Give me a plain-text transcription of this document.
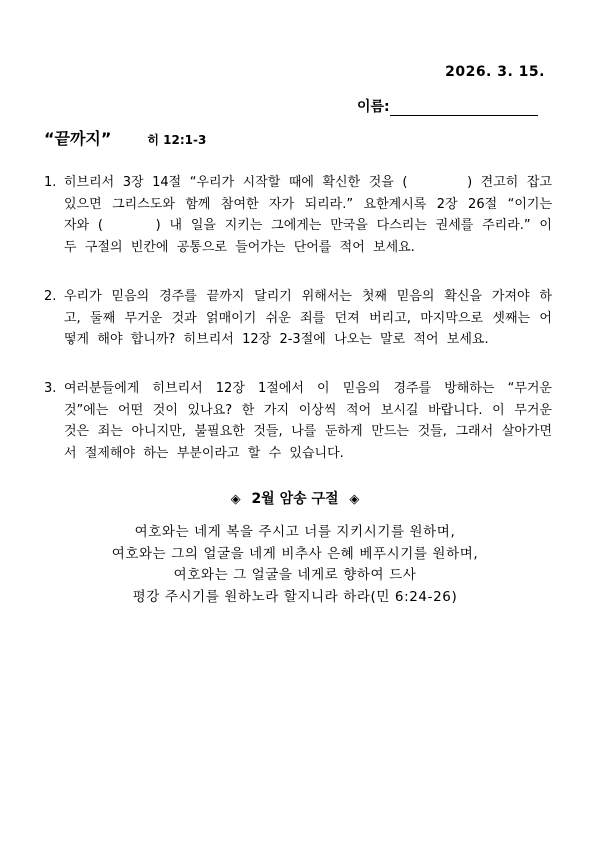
2026. 3. 15.
이름:
“끝까지”	히 12:1-3
1. 히브리서  3장  14절  “우리가  시작할  때에  확신한  것을  (              )  견고히  잡고  있으면  그리스도와  함께  참여한  자가  되리라.”  요한계시록  2장  26절  “이기는  자와  (            )  내  일을  지키는  그에게는  만국을  다스리는  권세를  주리라.”  이  두  구절의  빈칸에  공통으로  들어가는  단어를  적어  보세요.
2. 우리가  믿음의  경주를  끝까지  달리기  위해서는  첫째  믿음의  확신을  가져야  하고,  둘째  무거운  것과  얽매이기  쉬운  죄를  던져  버리고,  마지막으로  셋째는  어떻게  해야  합니까?  히브리서  12장  2-3절에  나오는  말로  적어  보세요.
3. 여러분들에게  히브리서  12장  1절에서  이  믿음의  경주를  방해하는  “무거운  것”에는  어떤  것이  있나요?  한  가지  이상씩  적어  보시길  바랍니다.  이  무거운  것은  죄는  아니지만,  불필요한  것들,  나를  둔하게  만드는  것들,  그래서  살아가면서  절제해야  하는  부분이라고  할  수  있습니다.
◈ 2월 암송 구절 ◈
여호와는 네게 복을 주시고 너를 지키시기를 원하며,
여호와는 그의 얼굴을 네게 비추사 은혜 베푸시기를 원하며,
여호와는 그 얼굴을 네게로 향하여 드사
평강 주시기를 원하노라 할지니라 하라(민 6:24-26)
